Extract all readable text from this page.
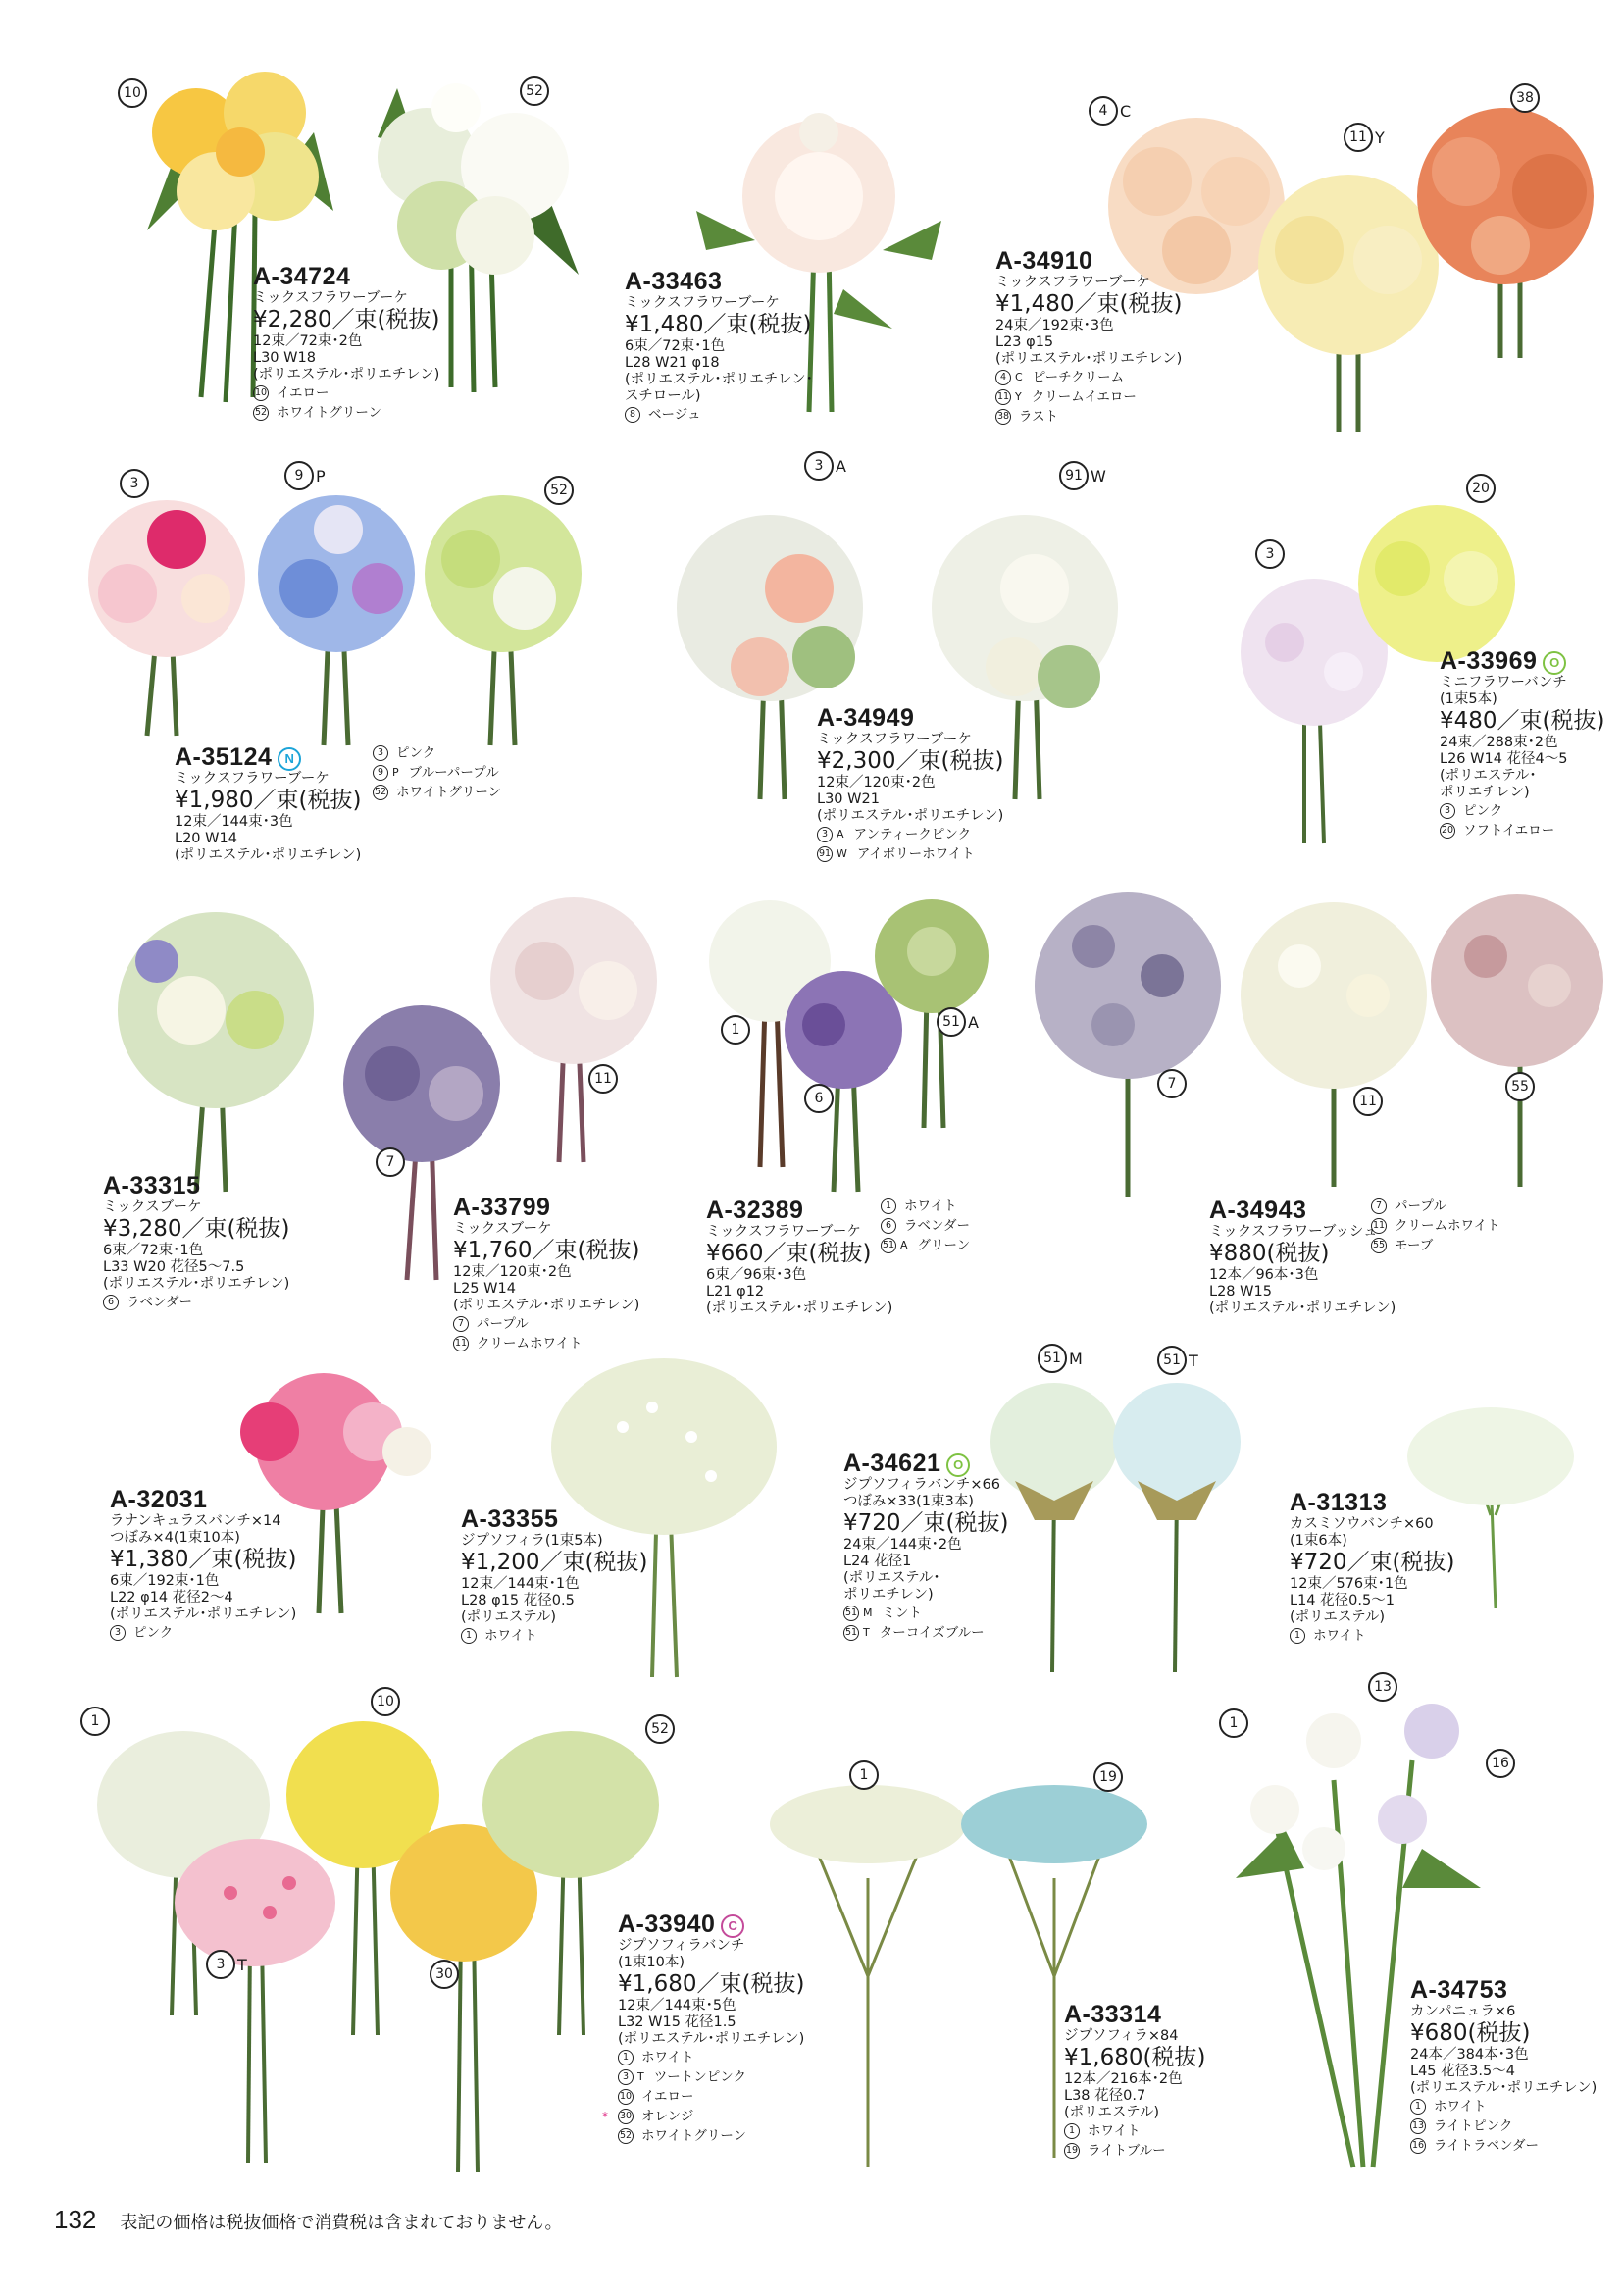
10	52
4 C
11 Y
38
3	9 P
52
3 A	91 W
3
20
1
6
51 A
7
11
7
11	55
51 M	51 T
1
10
52
3 T	30
1	19
1
13
16
A-34724
ミックスフラワーブーケ
¥2,280／束(税抜)
12束／72束･2色
L30 W18
(ポリエステル･ポリエチレン)
10 イエロー
52 ホワイトグリーン
A-33463
ミックスフラワーブーケ
¥1,480／束(税抜)
6束／72束･1色
L28 W21 φ18
(ポリエステル･ポリエチレン･
スチロール)
8 ベージュ
A-34910
ミックスフラワーブーケ
¥1,480／束(税抜)
24束／192束･3色
L23 φ15
(ポリエステル･ポリエチレン)
4 C ピーチクリーム
11 Y クリームイエロー
38 ラスト
3 ピンク
9 P ブルーパープル
52 ホワイトグリーン
A-35124 N
ミックスフラワーブーケ
¥1,980／束(税抜)
12束／144束･3色
L20 W14
(ポリエステル･ポリエチレン)
A-34949
ミックスフラワーブーケ
¥2,300／束(税抜)
12束／120束･2色
L30 W21
(ポリエステル･ポリエチレン)
3 A アンティークピンク
91 W アイボリーホワイト
A-33969 O
ミニフラワーバンチ
(1束5本)
¥480／束(税抜)
24束／288束･2色
L26 W14 花径4〜5
(ポリエステル･
ポリエチレン)
3 ピンク
20 ソフトイエロー
A-33315
ミックスブーケ
¥3,280／束(税抜)
6束／72束･1色
L33 W20 花径5〜7.5
(ポリエステル･ポリエチレン)
6 ラベンダー
A-33799
ミックスブーケ
¥1,760／束(税抜)
12束／120束･2色
L25 W14
(ポリエステル･ポリエチレン)
7 パープル
11 クリームホワイト
1 ホワイト
6 ラベンダー
51 A グリーン
A-32389
ミックスフラワーブーケ
¥660／束(税抜)
6束／96束･3色
L21 φ12
(ポリエステル･ポリエチレン)
7 パープル
11 クリームホワイト
55 モーブ
A-34943
ミックスフラワーブッシュ
¥880(税抜)
12本／96本･3色
L28 W15
(ポリエステル･ポリエチレン)
A-32031
ラナンキュラスバンチ×14
つぼみ×4(1束10本)
¥1,380／束(税抜)
6束／192束･1色
L22 φ14 花径2〜4
(ポリエステル･ポリエチレン)
3 ピンク
A-33355
ジプソフィラ(1束5本)
¥1,200／束(税抜)
12束／144束･1色
L28 φ15 花径0.5
(ポリエステル)
1 ホワイト
A-34621 O
ジプソフィラバンチ×66
つぼみ×33(1束3本)
¥720／束(税抜)
24束／144束･2色
L24 花径1
(ポリエステル･
ポリエチレン)
51 M ミント
51 T ターコイズブルー
A-31313
カスミソウバンチ×60
(1束6本)
¥720／束(税抜)
12束／576束･1色
L14 花径0.5〜1
(ポリエステル)
1 ホワイト
A-33940 C
ジプソフィラバンチ
(1束10本)
¥1,680／束(税抜)
12束／144束･5色
L32 W15 花径1.5
(ポリエステル･ポリエチレン)
1 ホワイト
3 T ツートンピンク
10 イエロー
* 30 オレンジ
52 ホワイトグリーン
A-33314
ジプソフィラ×84
¥1,680(税抜)
12本／216本･2色
L38 花径0.7
(ポリエステル)
1 ホワイト
19 ライトブルー
A-34753
カンパニュラ×6
¥680(税抜)
24本／384本･3色
L45 花径3.5〜4
(ポリエステル･ポリエチレン)
1 ホワイト
13 ライトピンク
16 ライトラベンダー
132 表記の価格は税抜価格で消費税は含まれておりません。
